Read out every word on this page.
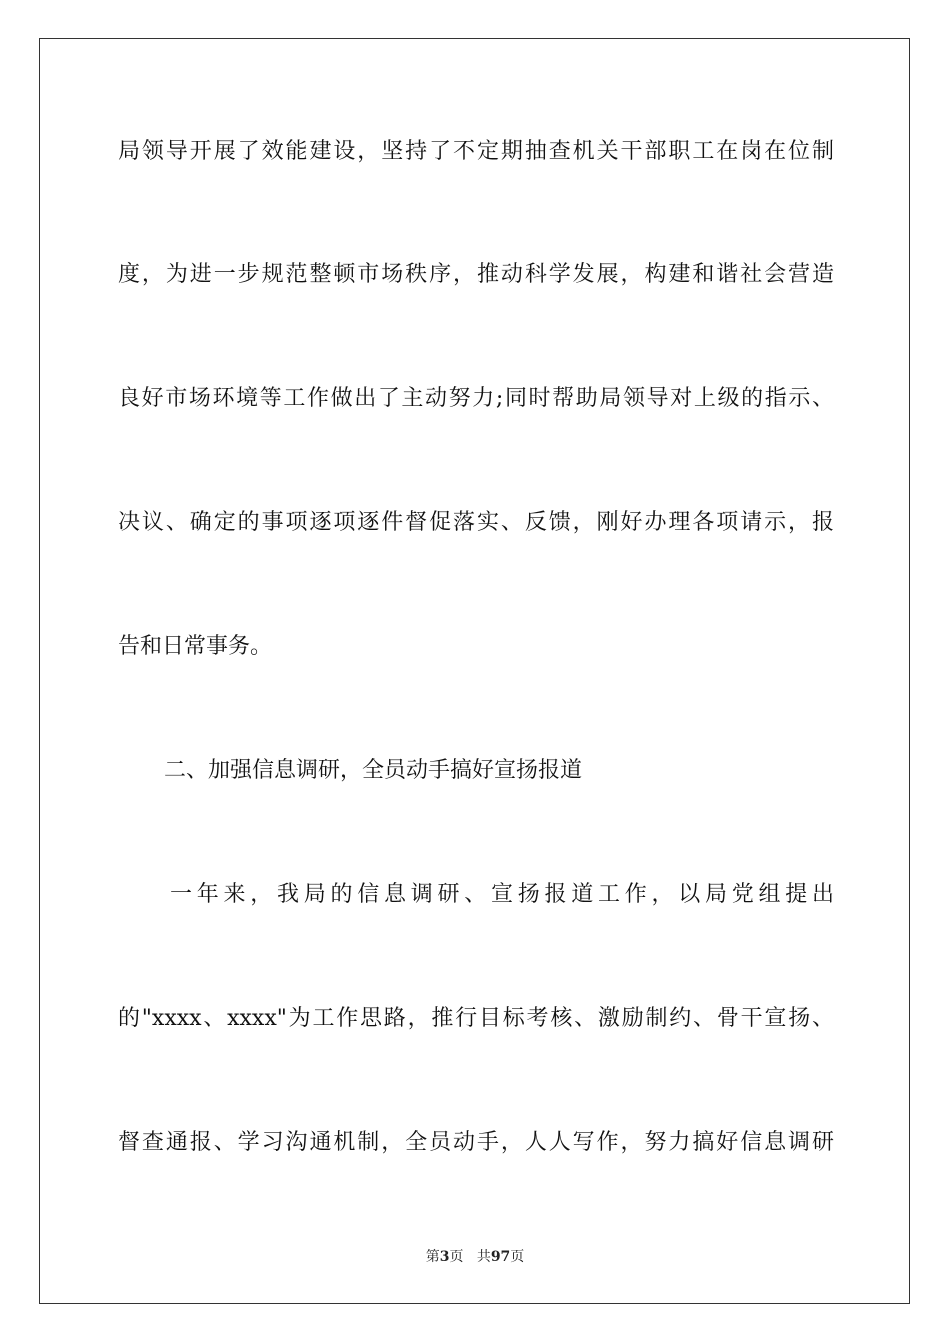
局领导开展了效能建设，坚持了不定期抽查机关干部职工在岗在位制
度，为进一步规范整顿市场秩序，推动科学发展，构建和谐社会营造
良好市场环境等工作做出了主动努力;同时帮助局领导对上级的指示、
决议、确定的事项逐项逐件督促落实、反馈，刚好办理各项请示，报
告和日常事务。
二、加强信息调研，全员动手搞好宣扬报道
一年来，我局的信息调研、宣扬报道工作，以局党组提出
的"xxxx、xxxx"为工作思路，推行目标考核、激励制约、骨干宣扬、
督查通报、学习沟通机制，全员动手，人人写作，努力搞好信息调研
第3页 共97页
